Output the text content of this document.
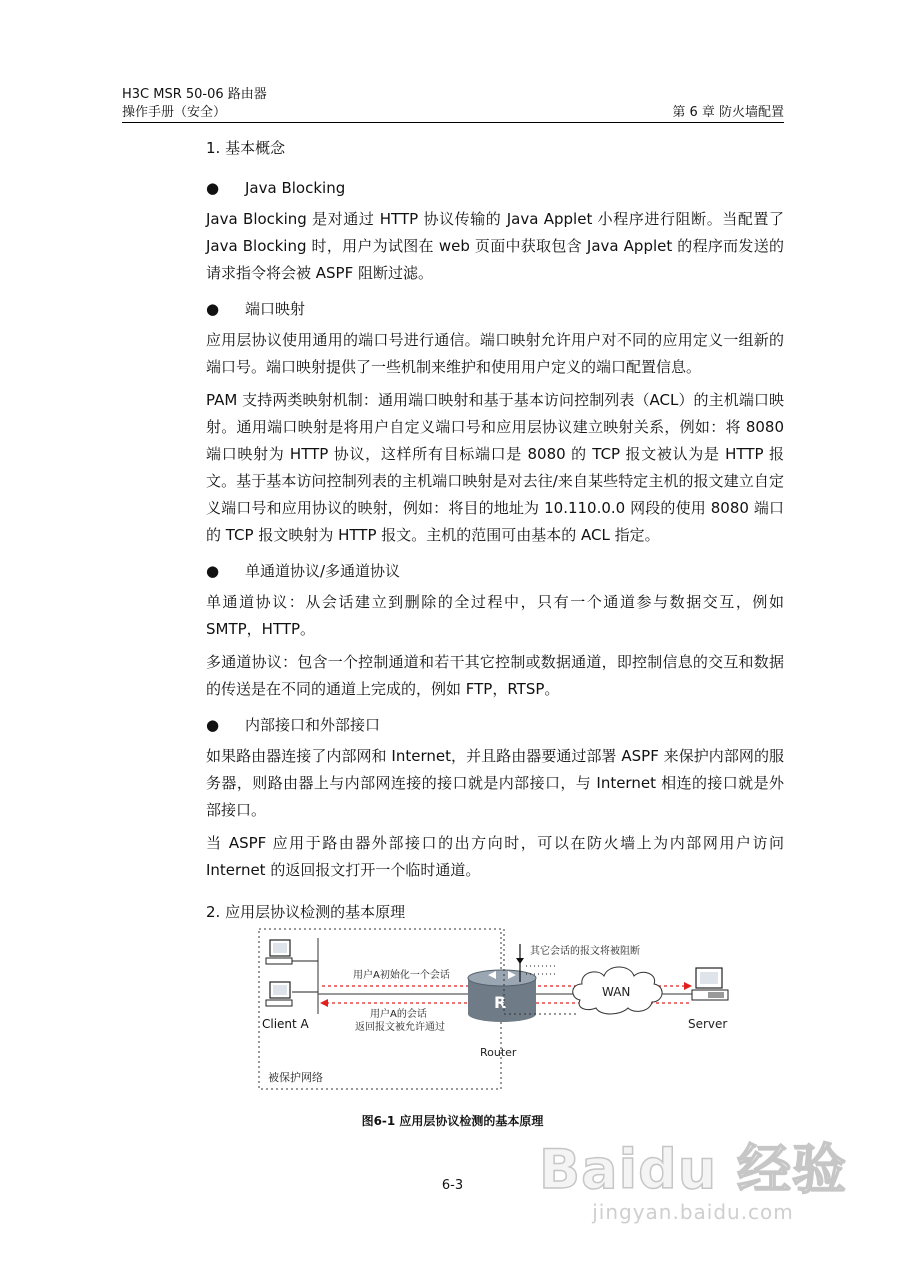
H3C MSR 50-06 路由器
操作手册（安全）	第 6 章 防火墙配置
1. 基本概念
● Java Blocking
Java Blocking 是对通过 HTTP 协议传输的 Java Applet 小程序进行阻断。当配置了 Java Blocking 时，用户为试图在 web 页面中获取包含 Java Applet 的程序而发送的请求指令将会被 ASPF 阻断过滤。
● 端口映射
应用层协议使用通用的端口号进行通信。端口映射允许用户对不同的应用定义一组新的端口号。端口映射提供了一些机制来维护和使用用户定义的端口配置信息。
PAM 支持两类映射机制：通用端口映射和基于基本访问控制列表（ACL）的主机端口映射。通用端口映射是将用户自定义端口号和应用层协议建立映射关系，例如：将 8080 端口映射为 HTTP 协议，这样所有目标端口是 8080 的 TCP 报文被认为是 HTTP 报文。基于基本访问控制列表的主机端口映射是对去往/来自某些特定主机的报文建立自定义端口号和应用协议的映射，例如：将目的地址为 10.110.0.0 网段的使用 8080 端口的 TCP 报文映射为 HTTP 报文。主机的范围可由基本的 ACL 指定。
● 单通道协议/多通道协议
单通道协议：从会话建立到删除的全过程中，只有一个通道参与数据交互，例如 SMTP，HTTP。
多通道协议：包含一个控制通道和若干其它控制或数据通道，即控制信息的交互和数据的传送是在不同的通道上完成的，例如 FTP，RTSP。
● 内部接口和外部接口
如果路由器连接了内部网和 Internet，并且路由器要通过部署 ASPF 来保护内部网的服务器，则路由器上与内部网连接的接口就是内部接口，与 Internet 相连的接口就是外部接口。
当 ASPF 应用于路由器外部接口的出方向时，可以在防火墙上为内部网用户访问 Internet 的返回报文打开一个临时通道。
2. 应用层协议检测的基本原理
Client A
用户A初始化一个会话
用户A的会话
返回报文被允许通过
R
Router
其它会话的报文将被阻断
WAN
Server
被保护网络
图6-1 应用层协议检测的基本原理
6-3	Baidu 经验
jingyan.baidu.com
